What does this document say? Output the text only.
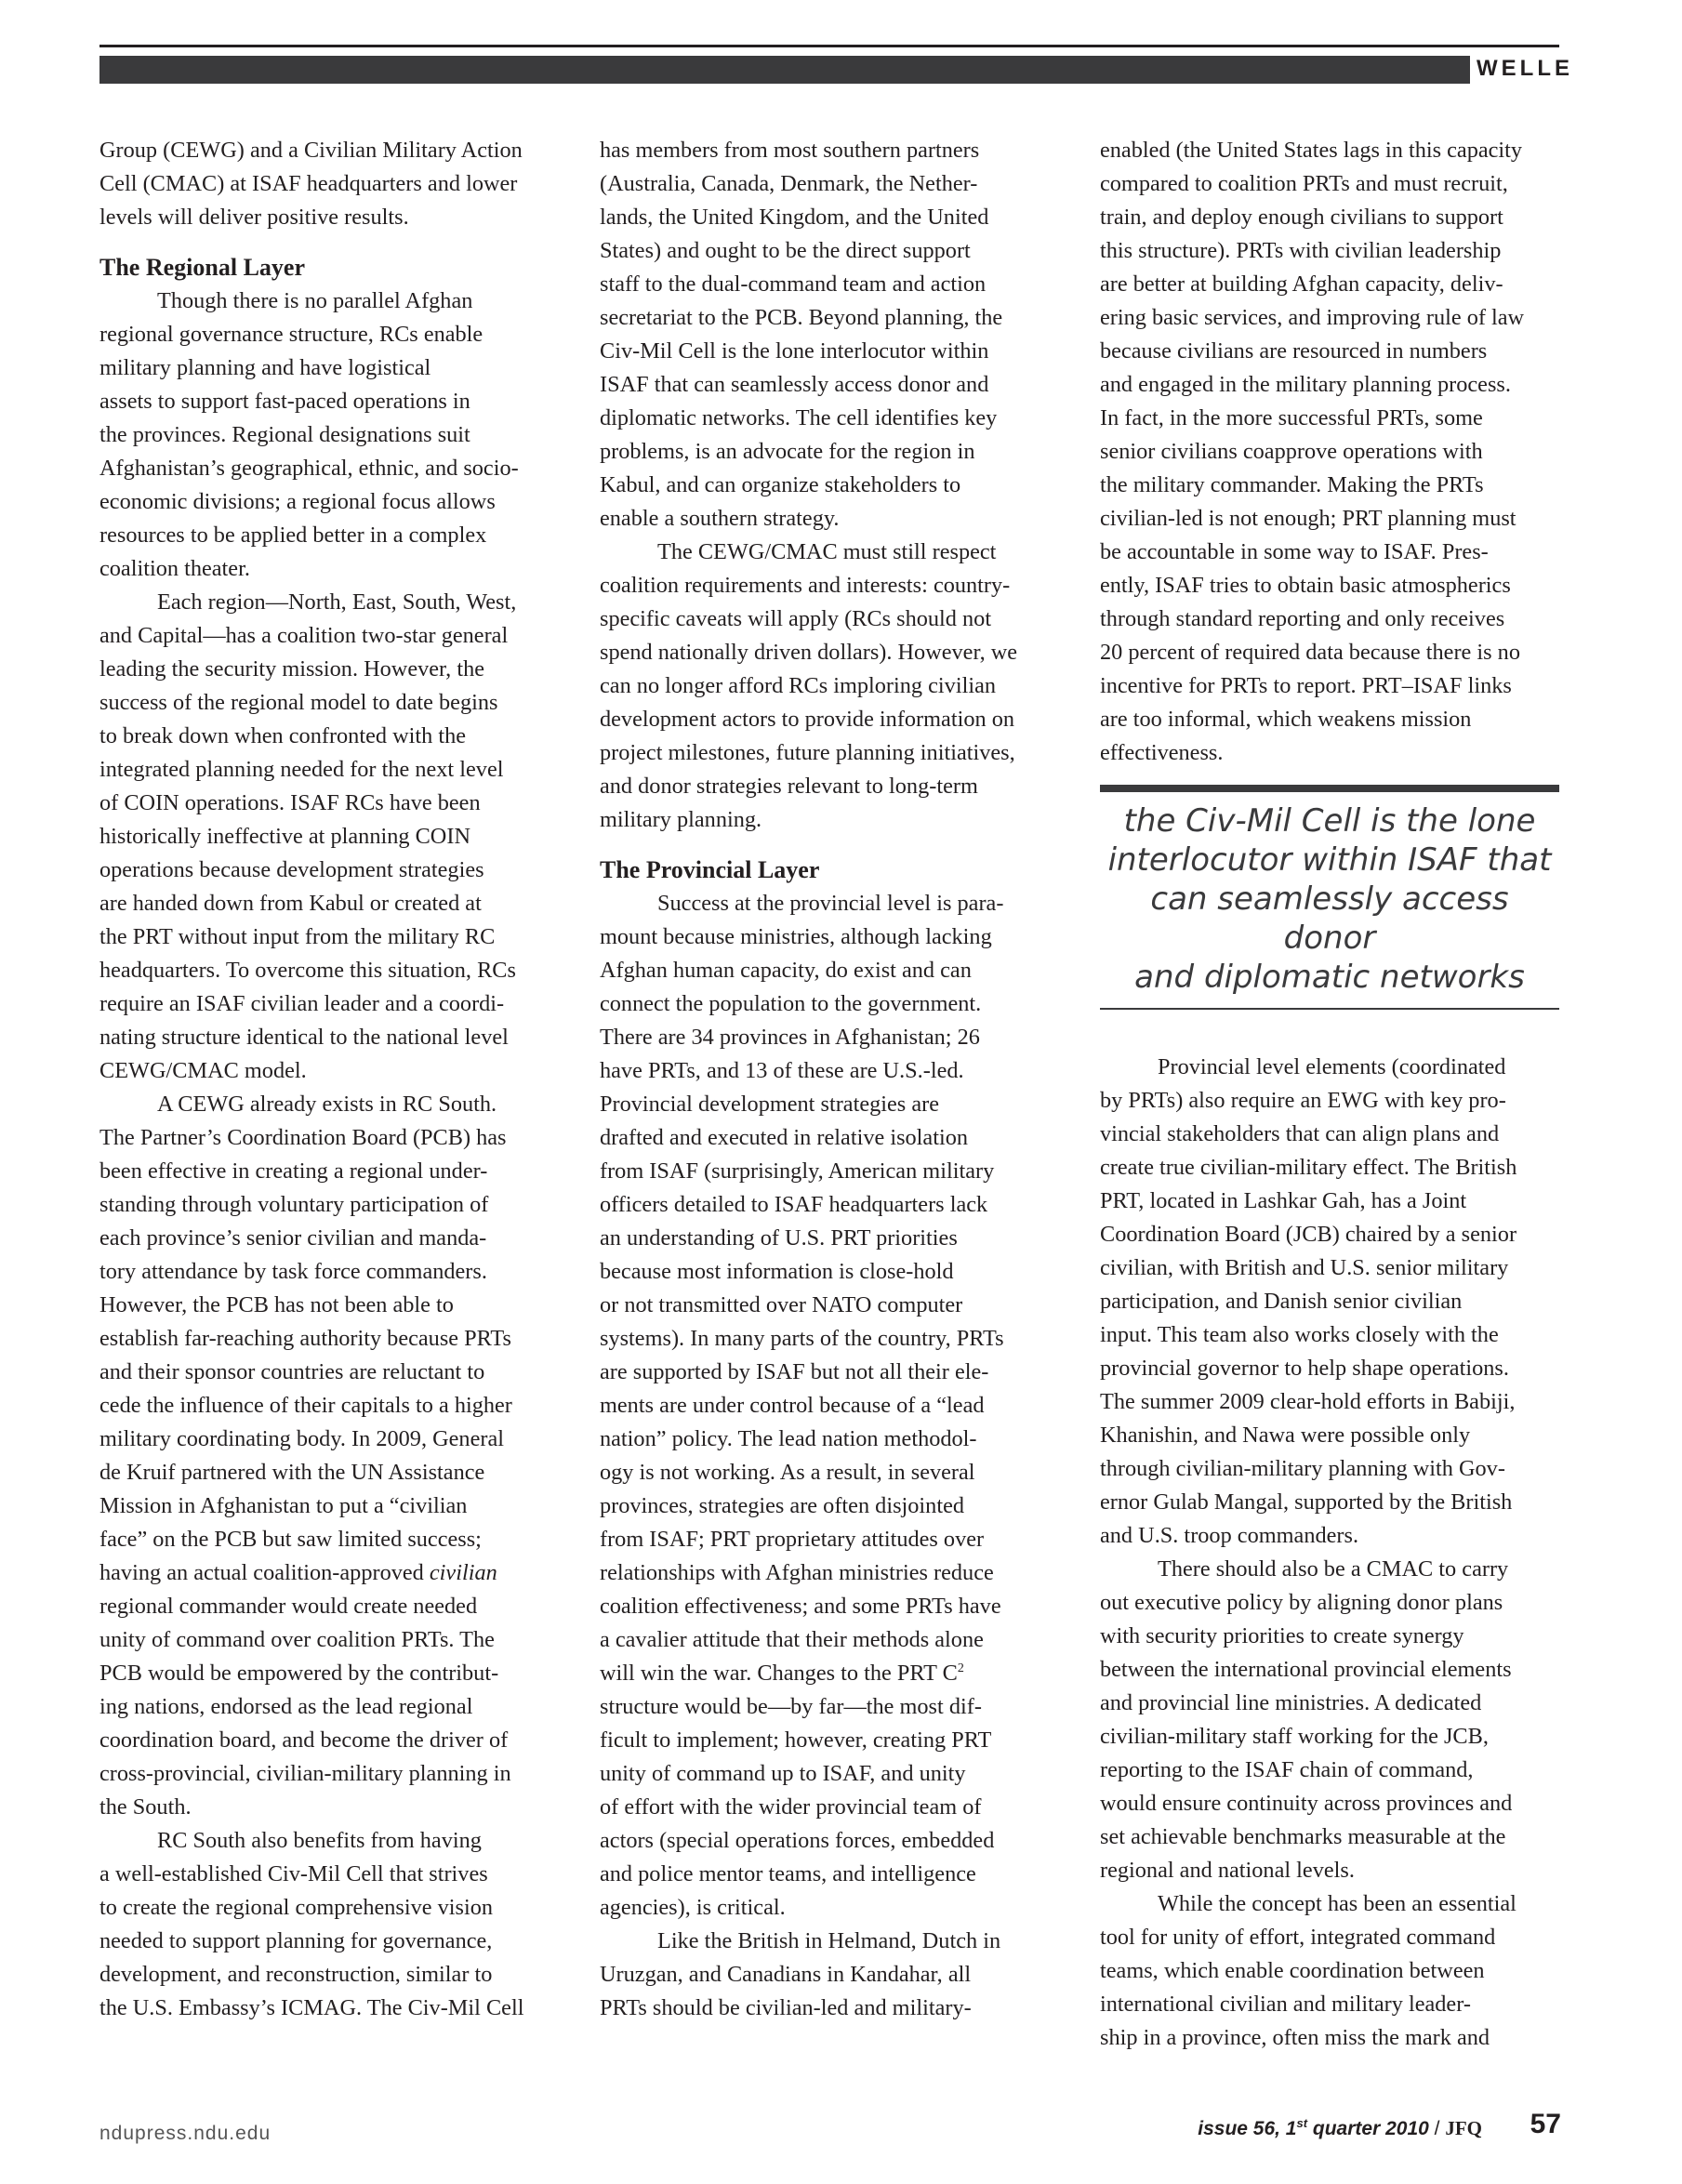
WELLE
Group (CEWG) and a Civilian Military Action
Cell (CMAC) at ISAF headquarters and lower
levels will deliver positive results.
The Regional Layer
Though there is no parallel Afghan
regional governance structure, RCs enable
military planning and have logistical
assets to support fast-paced operations in
the provinces. Regional designations suit
Afghanistan’s geographical, ethnic, and socio-
economic divisions; a regional focus allows
resources to be applied better in a complex
coalition theater.
Each region—North, East, South, West,
and Capital—has a coalition two-star general
leading the security mission. However, the
success of the regional model to date begins
to break down when confronted with the
integrated planning needed for the next level
of COIN operations. ISAF RCs have been
historically ineffective at planning COIN
operations because development strategies
are handed down from Kabul or created at
the PRT without input from the military RC
headquarters. To overcome this situation, RCs
require an ISAF civilian leader and a coordi-
nating structure identical to the national level
CEWG/CMAC model.
A CEWG already exists in RC South.
The Partner’s Coordination Board (PCB) has
been effective in creating a regional under-
standing through voluntary participation of
each province’s senior civilian and manda-
tory attendance by task force commanders.
However, the PCB has not been able to
establish far-reaching authority because PRTs
and their sponsor countries are reluctant to
cede the influence of their capitals to a higher
military coordinating body. In 2009, General
de Kruif partnered with the UN Assistance
Mission in Afghanistan to put a “civilian
face” on the PCB but saw limited success;
having an actual coalition-approved civilian
regional commander would create needed
unity of command over coalition PRTs. The
PCB would be empowered by the contribut-
ing nations, endorsed as the lead regional
coordination board, and become the driver of
cross-provincial, civilian-military planning in
the South.
RC South also benefits from having
a well-established Civ-Mil Cell that strives
to create the regional comprehensive vision
needed to support planning for governance,
development, and reconstruction, similar to
the U.S. Embassy’s ICMAG. The Civ-Mil Cell
has members from most southern partners
(Australia, Canada, Denmark, the Nether-
lands, the United Kingdom, and the United
States) and ought to be the direct support
staff to the dual-command team and action
secretariat to the PCB. Beyond planning, the
Civ-Mil Cell is the lone interlocutor within
ISAF that can seamlessly access donor and
diplomatic networks. The cell identifies key
problems, is an advocate for the region in
Kabul, and can organize stakeholders to
enable a southern strategy.
The CEWG/CMAC must still respect
coalition requirements and interests: country-
specific caveats will apply (RCs should not
spend nationally driven dollars). However, we
can no longer afford RCs imploring civilian
development actors to provide information on
project milestones, future planning initiatives,
and donor strategies relevant to long-term
military planning.
The Provincial Layer
Success at the provincial level is para-
mount because ministries, although lacking
Afghan human capacity, do exist and can
connect the population to the government.
There are 34 provinces in Afghanistan; 26
have PRTs, and 13 of these are U.S.-led.
Provincial development strategies are
drafted and executed in relative isolation
from ISAF (surprisingly, American military
officers detailed to ISAF headquarters lack
an understanding of U.S. PRT priorities
because most information is close-hold
or not transmitted over NATO computer
systems). In many parts of the country, PRTs
are supported by ISAF but not all their ele-
ments are under control because of a “lead
nation” policy. The lead nation methodol-
ogy is not working. As a result, in several
provinces, strategies are often disjointed
from ISAF; PRT proprietary attitudes over
relationships with Afghan ministries reduce
coalition effectiveness; and some PRTs have
a cavalier attitude that their methods alone
will win the war. Changes to the PRT $C^2$
structure would be—by far—the most dif-
ficult to implement; however, creating PRT
unity of command up to ISAF, and unity
of effort with the wider provincial team of
actors (special operations forces, embedded
and police mentor teams, and intelligence
agencies), is critical.
Like the British in Helmand, Dutch in
Uruzgan, and Canadians in Kandahar, all
PRTs should be civilian-led and military-
enabled (the United States lags in this capacity
compared to coalition PRTs and must recruit,
train, and deploy enough civilians to support
this structure). PRTs with civilian leadership
are better at building Afghan capacity, deliv-
ering basic services, and improving rule of law
because civilians are resourced in numbers
and engaged in the military planning process.
In fact, in the more successful PRTs, some
senior civilians coapprove operations with
the military commander. Making the PRTs
civilian-led is not enough; PRT planning must
be accountable in some way to ISAF. Pres-
ently, ISAF tries to obtain basic atmospherics
through standard reporting and only receives
20 percent of required data because there is no
incentive for PRTs to report. PRT–ISAF links
are too informal, which weakens mission
effectiveness.
the Civ-Mil Cell is the lone
interlocutor within ISAF that
can seamlessly access donor
and diplomatic networks
Provincial level elements (coordinated
by PRTs) also require an EWG with key pro-
vincial stakeholders that can align plans and
create true civilian-military effect. The British
PRT, located in Lashkar Gah, has a Joint
Coordination Board (JCB) chaired by a senior
civilian, with British and U.S. senior military
participation, and Danish senior civilian
input. This team also works closely with the
provincial governor to help shape operations.
The summer 2009 clear-hold efforts in Babiji,
Khanishin, and Nawa were possible only
through civilian-military planning with Gov-
ernor Gulab Mangal, supported by the British
and U.S. troop commanders.
There should also be a CMAC to carry
out executive policy by aligning donor plans
with security priorities to create synergy
between the international provincial elements
and provincial line ministries. A dedicated
civilian-military staff working for the JCB,
reporting to the ISAF chain of command,
would ensure continuity across provinces and
set achievable benchmarks measurable at the
regional and national levels.
While the concept has been an essential
tool for unity of effort, integrated command
teams, which enable coordination between
international civilian and military leader-
ship in a province, often miss the mark and
ndupress.ndu.edu	issue 56, 1st quarter 2010 / JFQ 57
